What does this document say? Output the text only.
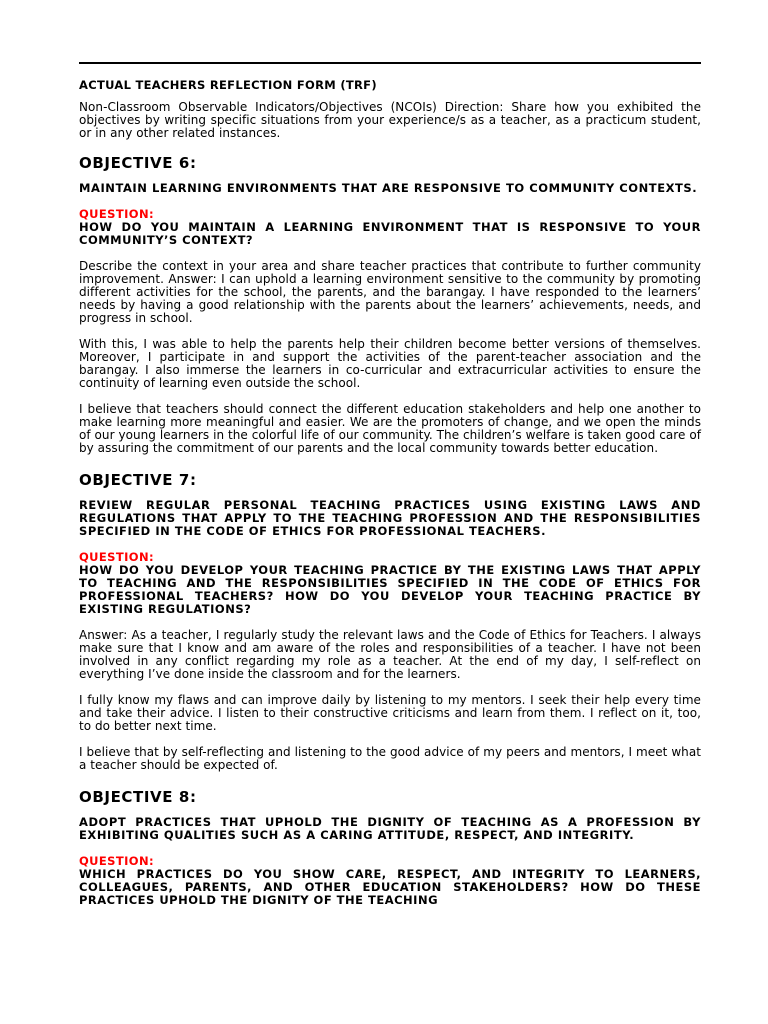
ACTUAL TEACHERS REFLECTION FORM (TRF)

Non-Classroom Observable Indicators/Objectives (NCOIs) Direction: Share how you exhibited the objectives by writing specific situations from your experience/s as a teacher, as a practicum student, or in any other related instances.

OBJECTIVE 6:

MAINTAIN LEARNING ENVIRONMENTS THAT ARE RESPONSIVE TO COMMUNITY CONTEXTS.

QUESTION:

HOW DO YOU MAINTAIN A LEARNING ENVIRONMENT THAT IS RESPONSIVE TO YOUR COMMUNITY’S CONTEXT?

Describe the context in your area and share teacher practices that contribute to further community improvement. Answer: I can uphold a learning environment sensitive to the community by promoting different activities for the school, the parents, and the barangay. I have responded to the learners’ needs by having a good relationship with the parents about the learners’ achievements, needs, and progress in school.

With this, I was able to help the parents help their children become better versions of themselves. Moreover, I participate in and support the activities of the parent-teacher association and the barangay. I also immerse the learners in co-curricular and extracurricular activities to ensure the continuity of learning even outside the school.

I believe that teachers should connect the different education stakeholders and help one another to make learning more meaningful and easier. We are the promoters of change, and we open the minds of our young learners in the colorful life of our community. The children’s welfare is taken good care of by assuring the commitment of our parents and the local community towards better education.

OBJECTIVE 7:

REVIEW REGULAR PERSONAL TEACHING PRACTICES USING EXISTING LAWS AND REGULATIONS THAT APPLY TO THE TEACHING PROFESSION AND THE RESPONSIBILITIES SPECIFIED IN THE CODE OF ETHICS FOR PROFESSIONAL TEACHERS.

QUESTION:

HOW DO YOU DEVELOP YOUR TEACHING PRACTICE BY THE EXISTING LAWS THAT APPLY TO TEACHING AND THE RESPONSIBILITIES SPECIFIED IN THE CODE OF ETHICS FOR PROFESSIONAL TEACHERS? HOW DO YOU DEVELOP YOUR TEACHING PRACTICE BY EXISTING REGULATIONS?

Answer: As a teacher, I regularly study the relevant laws and the Code of Ethics for Teachers. I always make sure that I know and am aware of the roles and responsibilities of a teacher. I have not been involved in any conflict regarding my role as a teacher. At the end of my day, I self-reflect on everything I’ve done inside the classroom and for the learners.

I fully know my flaws and can improve daily by listening to my mentors. I seek their help every time and take their advice. I listen to their constructive criticisms and learn from them. I reflect on it, too, to do better next time.

I believe that by self-reflecting and listening to the good advice of my peers and mentors, I meet what a teacher should be expected of.

OBJECTIVE 8:

ADOPT PRACTICES THAT UPHOLD THE DIGNITY OF TEACHING AS A PROFESSION BY EXHIBITING QUALITIES SUCH AS A CARING ATTITUDE, RESPECT, AND INTEGRITY.

QUESTION:

WHICH PRACTICES DO YOU SHOW CARE, RESPECT, AND INTEGRITY TO LEARNERS, COLLEAGUES, PARENTS, AND OTHER EDUCATION STAKEHOLDERS? HOW DO THESE PRACTICES UPHOLD THE DIGNITY OF THE TEACHING
